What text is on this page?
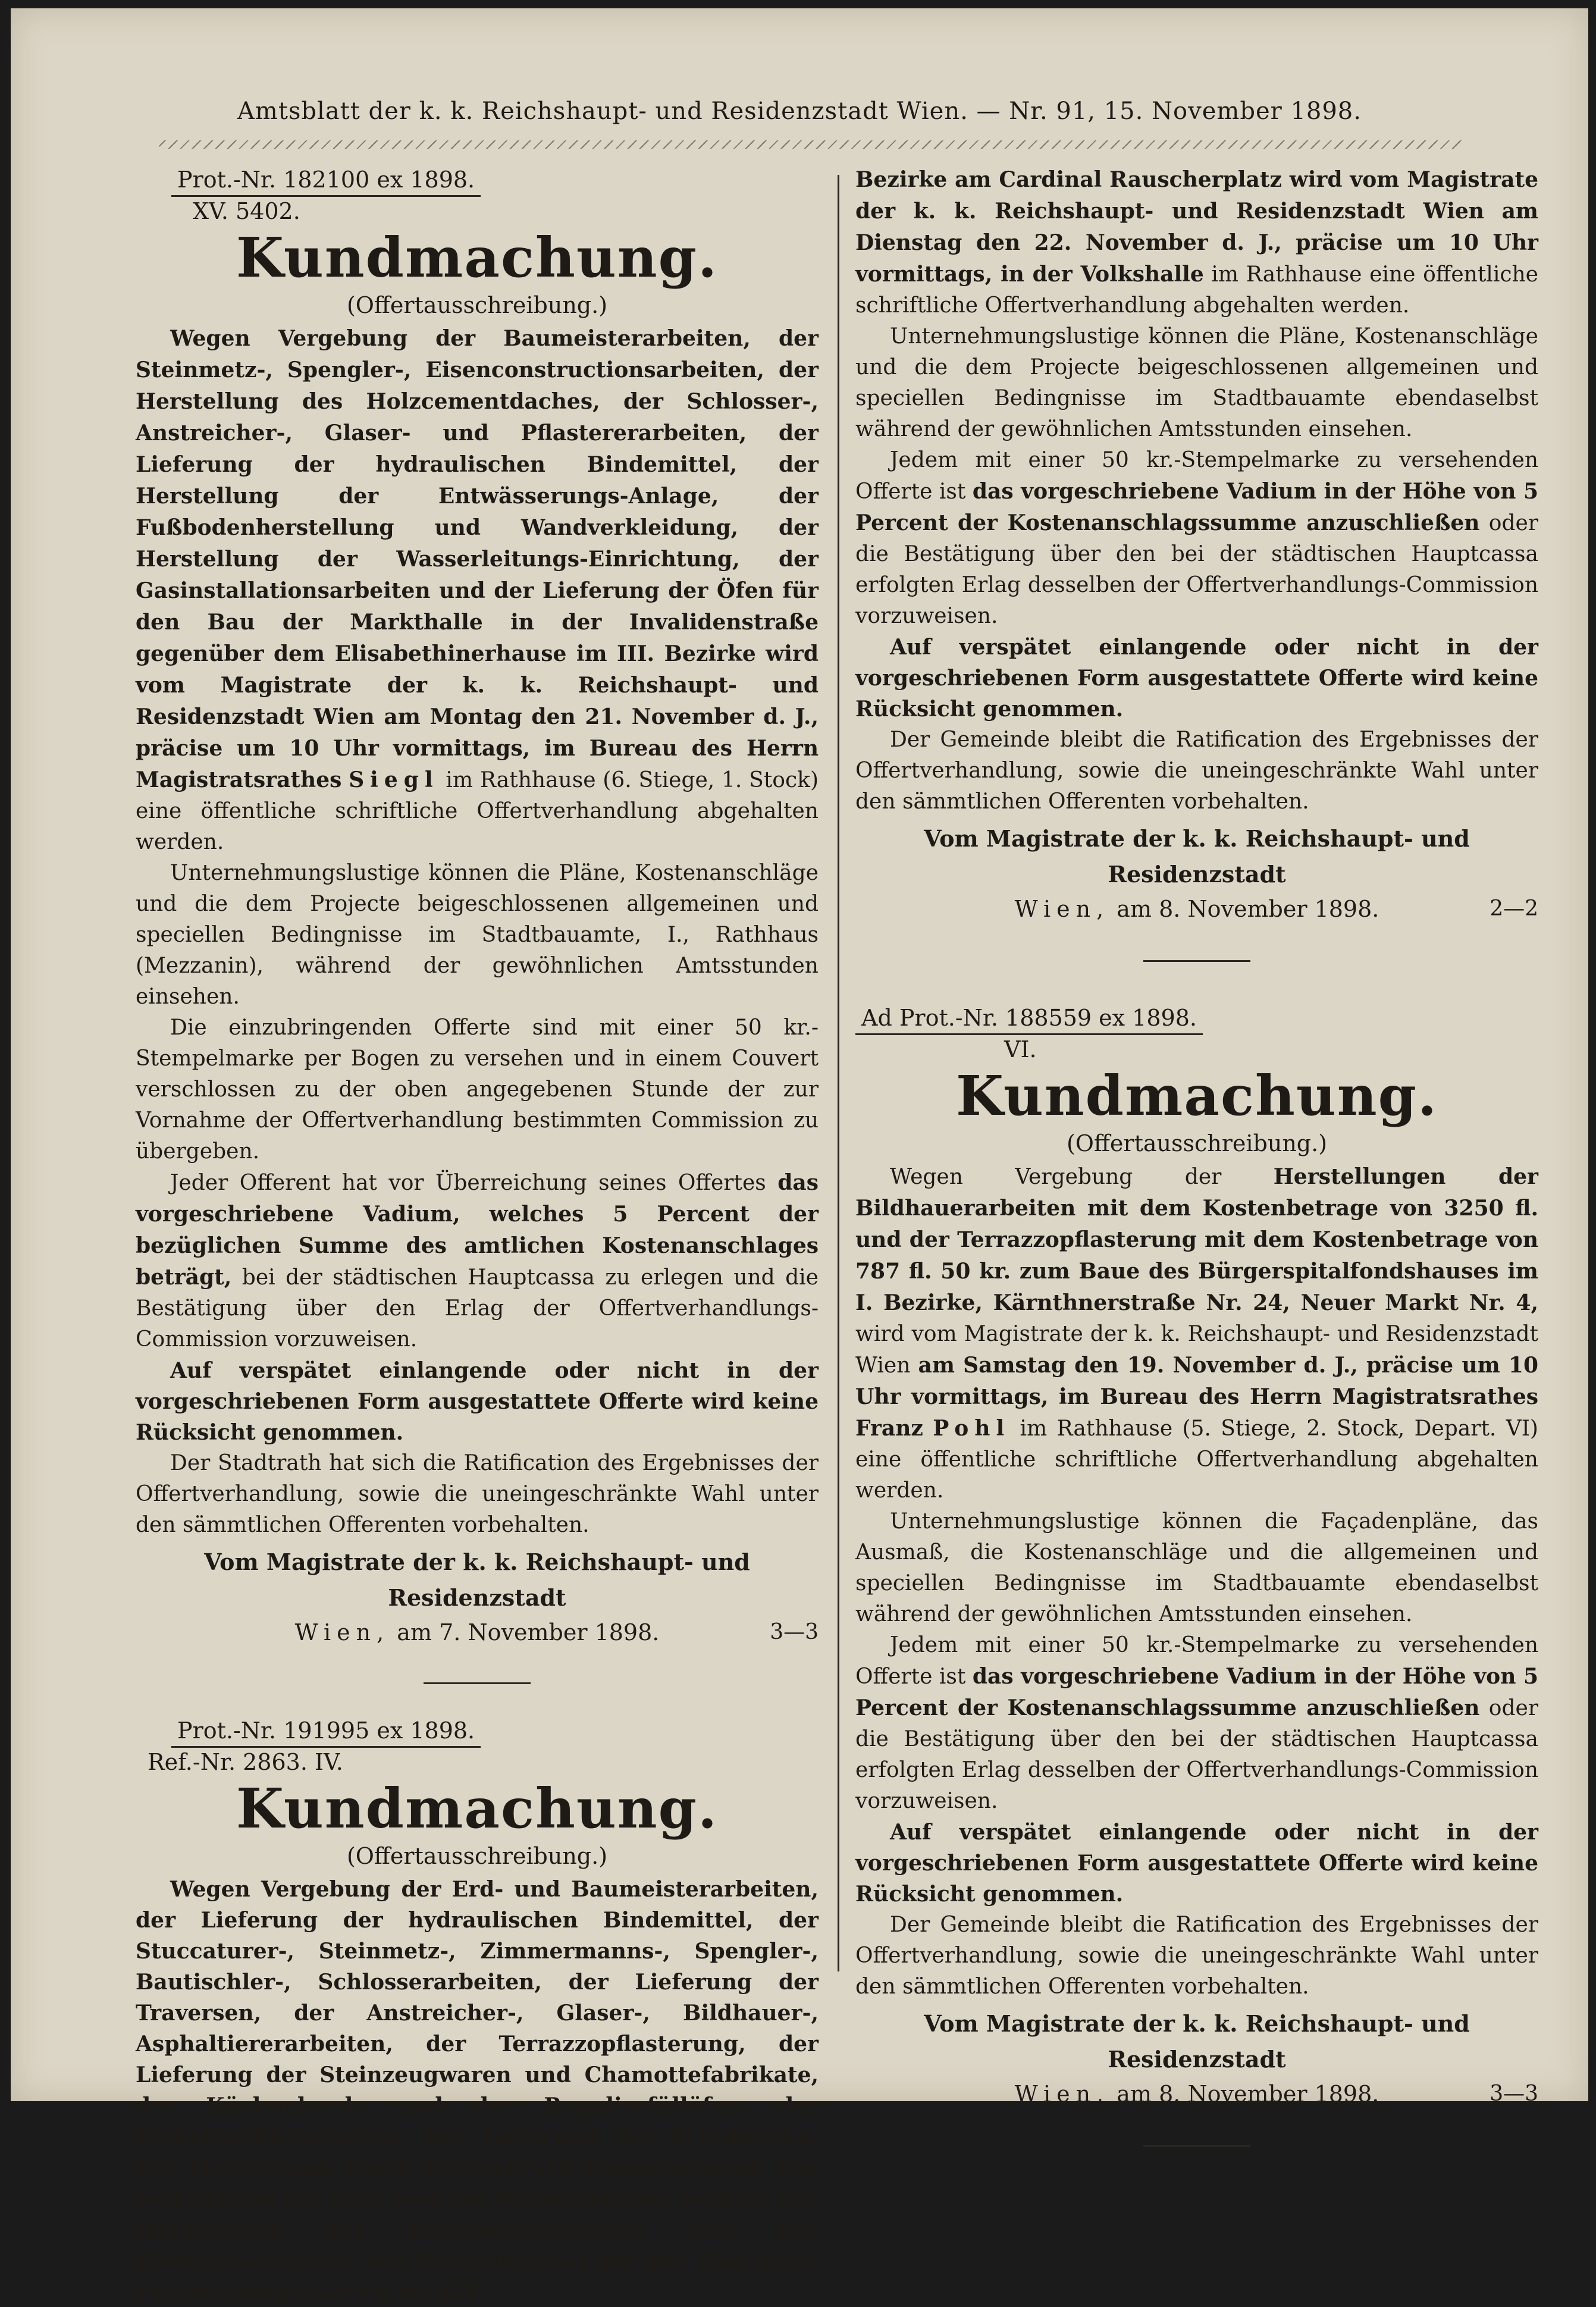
Amtsblatt der k. k. Reichshaupt- und Residenzstadt Wien. — Nr. 91, 15. November 1898.
Prot.-Nr. 182100 ex 1898.
XV. 5402.
Kundmachung.
(Offertausschreibung.)

Wegen Vergebung der Baumeisterarbeiten, der Steinmetz-, Spengler-, Eisenconstructionsarbeiten, der Herstellung des Holzcementdaches, der Schlosser-, Anstreicher-, Glaser- und Pflastererarbeiten, der Lieferung der hydraulischen Bindemittel, der Herstellung der Entwässerungs-Anlage, der Fußbodenherstellung und Wandverkleidung, der Herstellung der Wasserleitungs-Einrichtung, der Gasinstallationsarbeiten und der Lieferung der Öfen für den Bau der Markthalle in der Invalidenstraße gegenüber dem Elisabethinerhause im III. Bezirke wird vom Magistrate der k. k. Reichshaupt- und Residenzstadt Wien am Montag den 21. November d. J., präcise um 10 Uhr vormittags, im Bureau des Herrn Magistratsrathes Siegl im Rathhause (6. Stiege, 1. Stock) eine öffentliche schriftliche Offertverhandlung abgehalten werden.

Unternehmungslustige können die Pläne, Kostenanschläge und die dem Projecte beigeschlossenen allgemeinen und speciellen Bedingnisse im Stadtbauamte, I., Rathhaus (Mezzanin), während der gewöhnlichen Amtsstunden einsehen.

Die einzubringenden Offerte sind mit einer 50 kr.-Stempelmarke per Bogen zu versehen und in einem Couvert verschlossen zu der oben angegebenen Stunde der zur Vornahme der Offertverhandlung bestimmten Commission zu übergeben.

Jeder Offerent hat vor Überreichung seines Offertes das vorgeschriebene Vadium, welches 5 Percent der bezüglichen Summe des amtlichen Kostenanschlages beträgt, bei der städtischen Hauptcassa zu erlegen und die Bestätigung über den Erlag der Offertverhandlungs-Commission vorzuweisen.

Auf verspätet einlangende oder nicht in der vorgeschriebenen Form ausgestattete Offerte wird keine Rücksicht genommen.

Der Stadtrath hat sich die Ratification des Ergebnisses der Offertverhandlung, sowie die uneingeschränkte Wahl unter den sämmtlichen Offerenten vorbehalten.

Vom Magistrate der k. k. Reichshaupt- und Residenzstadt
Wien, am 7. November 1898.	3—3
Prot.-Nr. 191995 ex 1898.
Ref.-Nr. 2863. IV.
Kundmachung.
(Offertausschreibung.)

Wegen Vergebung der Erd- und Baumeisterarbeiten, der Lieferung der hydraulischen Bindemittel, der Stuccaturer-, Steinmetz-, Zimmermanns-, Spengler-, Bautischler-, Schlosserarbeiten, der Lieferung der Traversen, der Anstreicher-, Glaser-, Bildhauer-, Asphaltiererarbeiten, der Terrazzopflasterung, der Lieferung der Steinzeugwaren und Chamottefabrikate, der Küchenherde und der Regulierfüllöfen, der Möbeltischlerarbeiten, der Lieferung der Schulbänke, der Herstellung einer Niederdruck-Dampfheizung, der Installation der Gas- und der Wasserleitung, endlich der Herstellung des Einfriedungsgitters und der Eisenconstruction des Stiegenhauses für den Bau einer Doppel-Bürgerschule im XIV.

Bezirke am Cardinal Rauscherplatz wird vom Magistrate der k. k. Reichshaupt- und Residenzstadt Wien am Dienstag den 22. November d. J., präcise um 10 Uhr vormittags, in der Volkshalle im Rathhause eine öffentliche schriftliche Offertverhandlung abgehalten werden.

Unternehmungslustige können die Pläne, Kostenanschläge und die dem Projecte beigeschlossenen allgemeinen und speciellen Bedingnisse im Stadtbauamte ebendaselbst während der gewöhnlichen Amtsstunden einsehen.

Jedem mit einer 50 kr.-Stempelmarke zu versehenden Offerte ist das vorgeschriebene Vadium in der Höhe von 5 Percent der Kostenanschlagssumme anzuschließen oder die Bestätigung über den bei der städtischen Hauptcassa erfolgten Erlag desselben der Offertverhandlungs-Commission vorzuweisen.

Auf verspätet einlangende oder nicht in der vorgeschriebenen Form ausgestattete Offerte wird keine Rücksicht genommen.

Der Gemeinde bleibt die Ratification des Ergebnisses der Offertverhandlung, sowie die uneingeschränkte Wahl unter den sämmtlichen Offerenten vorbehalten.

Vom Magistrate der k. k. Reichshaupt- und Residenzstadt
Wien, am 8. November 1898.	2—2
Ad Prot.-Nr. 188559 ex 1898.
VI.
Kundmachung.
(Offertausschreibung.)

Wegen Vergebung der Herstellungen der Bildhauerarbeiten mit dem Kostenbetrage von 3250 fl. und der Terrazzopflasterung mit dem Kostenbetrage von 787 fl. 50 kr. zum Baue des Bürgerspitalfondshauses im I. Bezirke, Kärnthnerstraße Nr. 24, Neuer Markt Nr. 4, wird vom Magistrate der k. k. Reichshaupt- und Residenzstadt Wien am Samstag den 19. November d. J., präcise um 10 Uhr vormittags, im Bureau des Herrn Magistratsrathes Franz Pohl im Rathhause (5. Stiege, 2. Stock, Depart. VI) eine öffentliche schriftliche Offertverhandlung abgehalten werden.

Unternehmungslustige können die Façadenpläne, das Ausmaß, die Kostenanschläge und die allgemeinen und speciellen Bedingnisse im Stadtbauamte ebendaselbst während der gewöhnlichen Amtsstunden einsehen.

Jedem mit einer 50 kr.-Stempelmarke zu versehenden Offerte ist das vorgeschriebene Vadium in der Höhe von 5 Percent der Kostenanschlagssumme anzuschließen oder die Bestätigung über den bei der städtischen Hauptcassa erfolgten Erlag desselben der Offertverhandlungs-Commission vorzuweisen.

Auf verspätet einlangende oder nicht in der vorgeschriebenen Form ausgestattete Offerte wird keine Rücksicht genommen.

Der Gemeinde bleibt die Ratification des Ergebnisses der Offertverhandlung, sowie die uneingeschränkte Wahl unter den sämmtlichen Offerenten vorbehalten.

Vom Magistrate der k. k. Reichshaupt- und Residenzstadt
Wien, am 8. November 1898.	3—3
